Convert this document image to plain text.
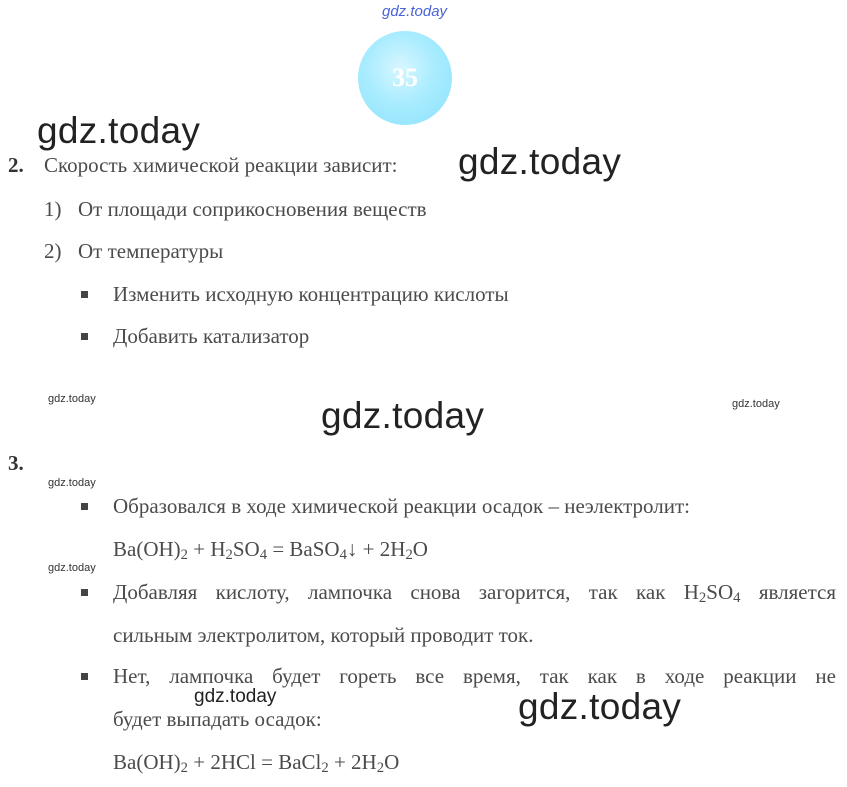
gdz.today
gdz.today
gdz.today
gdz.today	gdz.today	gdz.today
gdz.today
gdz.today
gdz.today	gdz.today
35
2. Скорость химической реакции зависит:
1) От площади соприкосновения веществ
2) От температуры
Изменить исходную концентрацию кислоты
Добавить катализатор
3.
Образовался в ходе химической реакции осадок – неэлектролит:
$Ba(OH)_2 + H_2SO_4$ = BaSO$_4$↓ + $2H_2O$
Добавляя кислоту, лампочка снова загорится, так как $H_2SO_4$ является
сильным электролитом, который проводит ток.
Нет, лампочка будет гореть все время, так как в ходе реакции не
будет выпадать осадок:
$Ba(OH)_2 + 2HCl$ = BaCl$_2$ + $2H_2O$
